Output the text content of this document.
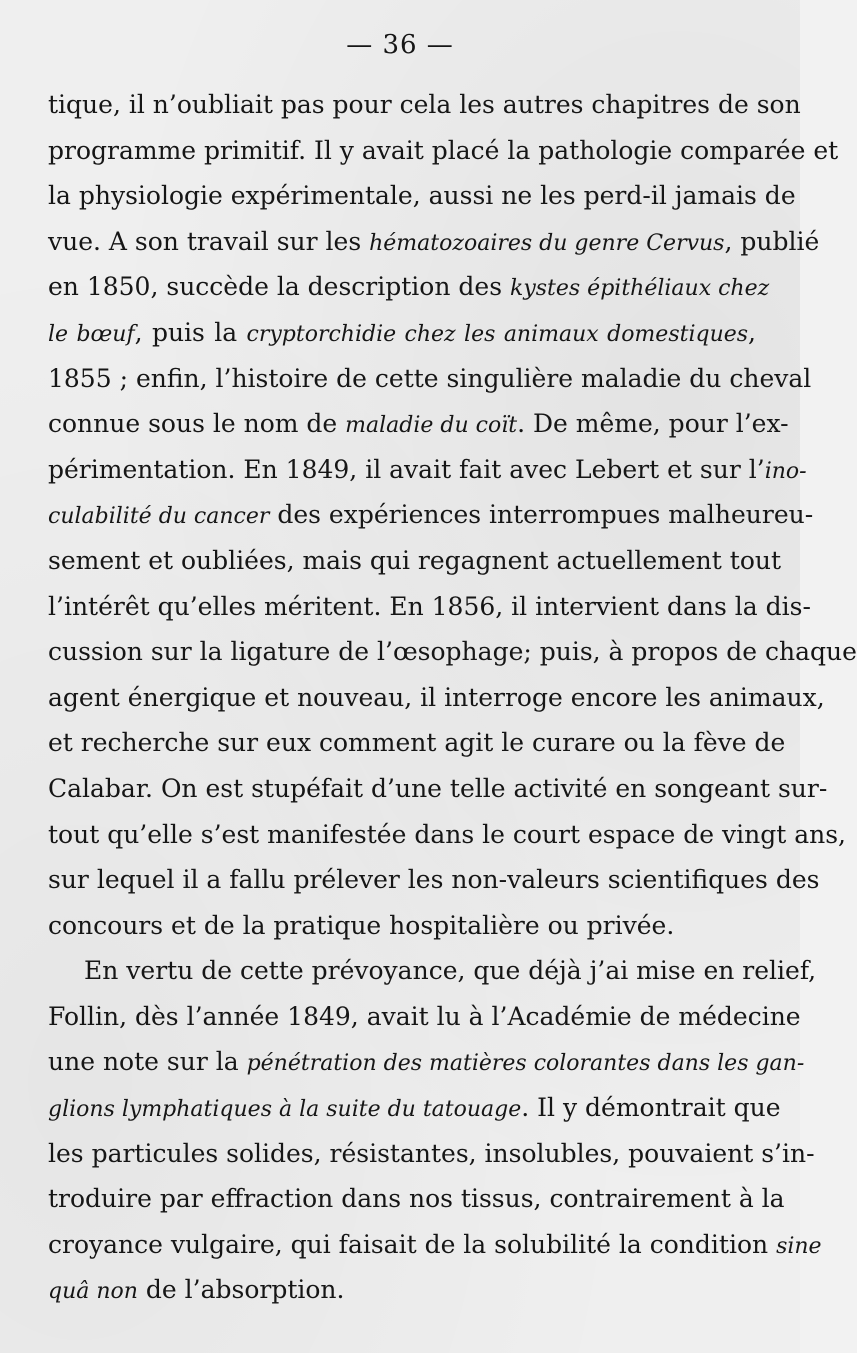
— 36 —
tique, il n’oubliait pas pour cela les autres chapitres de son
programme primitif. Il y avait placé la pathologie comparée et
la physiologie expérimentale, aussi ne les perd-il jamais de
vue. A son travail sur les hématozoaires du genre Cervus, publié
en 1850, succède la description des kystes épithéliaux chez
le bœuf, puis la cryptorchidie chez les animaux domestiques,
1855 ; enfin, l’histoire de cette singulière maladie du cheval
connue sous le nom de maladie du coït. De même, pour l’ex-
périmentation. En 1849, il avait fait avec Lebert et sur l’ino-
culabilité du cancer des expériences interrompues malheureu-
sement et oubliées, mais qui regagnent actuellement tout
l’intérêt qu’elles méritent. En 1856, il intervient dans la dis-
cussion sur la ligature de l’œsophage; puis, à propos de chaque
agent énergique et nouveau, il interroge encore les animaux,
et recherche sur eux comment agit le curare ou la fève de
Calabar. On est stupéfait d’une telle activité en songeant sur-
tout qu’elle s’est manifestée dans le court espace de vingt ans,
sur lequel il a fallu prélever les non-valeurs scientifiques des
concours et de la pratique hospitalière ou privée.
En vertu de cette prévoyance, que déjà j’ai mise en relief,
Follin, dès l’année 1849, avait lu à l’Académie de médecine
une note sur la pénétration des matières colorantes dans les gan-
glions lymphatiques à la suite du tatouage. Il y démontrait que
les particules solides, résistantes, insolubles, pouvaient s’in-
troduire par effraction dans nos tissus, contrairement à la
croyance vulgaire, qui faisait de la solubilité la condition sine
quâ non de l’absorption.
